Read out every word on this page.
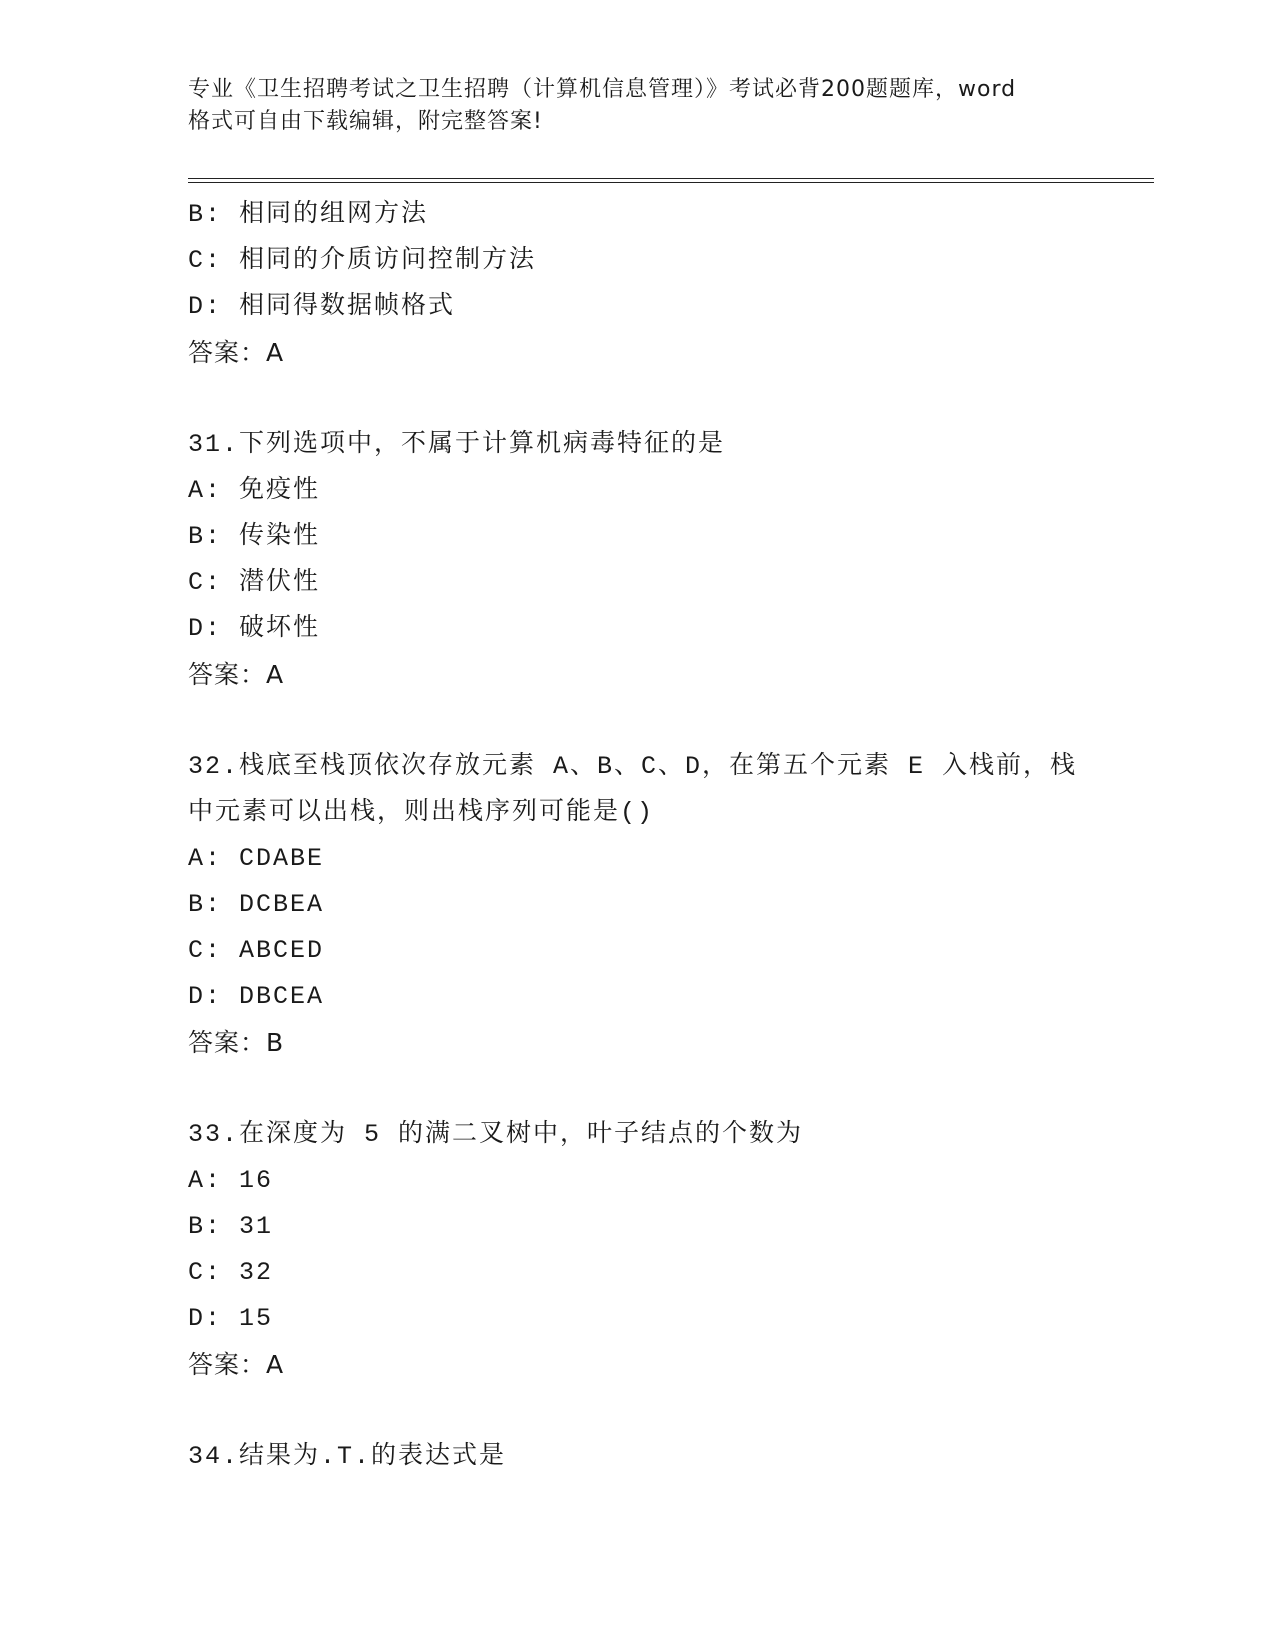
专业《卫生招聘考试之卫生招聘（计算机信息管理）》考试必背200题题库，word
格式可自由下载编辑，附完整答案!
B: 相同的组网方法
C: 相同的介质访问控制方法
D: 相同得数据帧格式
答案：A
31.下列选项中，不属于计算机病毒特征的是
A: 免疫性
B: 传染性
C: 潜伏性
D: 破坏性
答案：A
32.栈底至栈顶依次存放元素 A、B、C、D，在第五个元素 E 入栈前，栈
中元素可以出栈，则出栈序列可能是()
A: CDABE
B: DCBEA
C: ABCED
D: DBCEA
答案：B
33.在深度为 5 的满二叉树中，叶子结点的个数为
A: 16
B: 31
C: 32
D: 15
答案：A
34.结果为.T.的表达式是
